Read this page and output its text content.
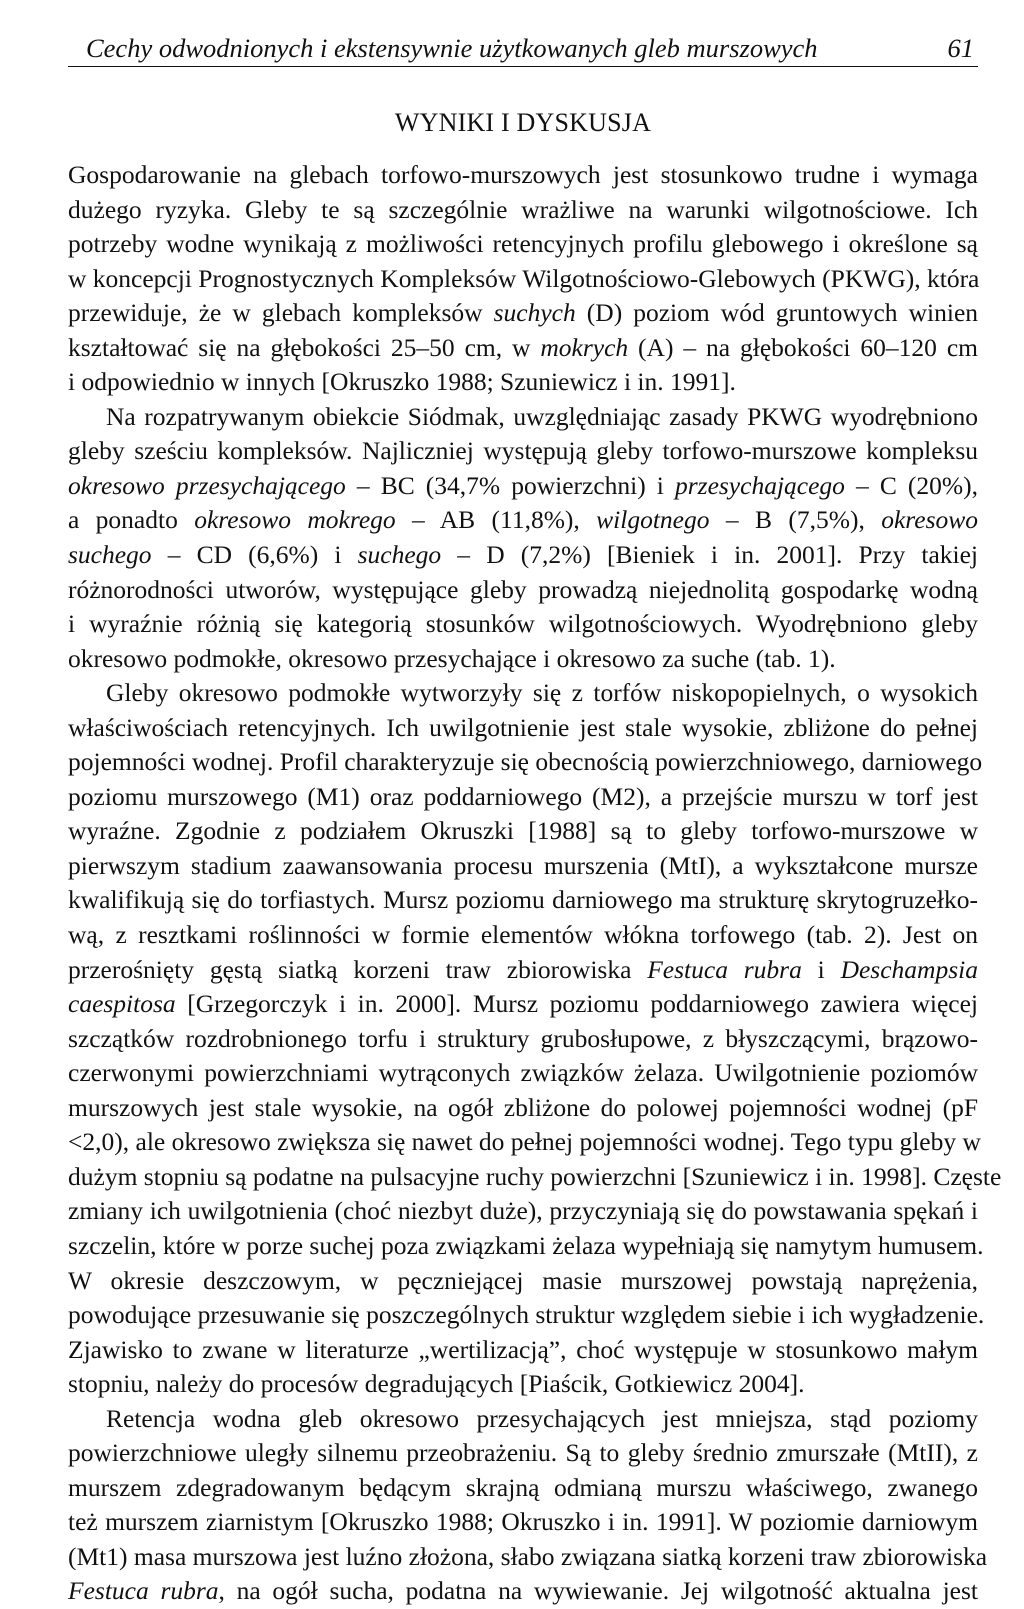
Cechy odwodnionych i ekstensywnie użytkowanych gleb murszowych	61
WYNIKI I DYSKUSJA
Gospodarowanie na glebach torfowo-murszowych jest stosunkowo trudne i wymaga
dużego ryzyka. Gleby te są szczególnie wrażliwe na warunki wilgotnościowe. Ich
potrzeby wodne wynikają z możliwości retencyjnych profilu glebowego i określone są
w koncepcji Prognostycznych Kompleksów Wilgotnościowo-Glebowych (PKWG), która
przewiduje, że w glebach kompleksów suchych (D) poziom wód gruntowych winien
kształtować się na głębokości 25–50 cm, w mokrych (A) – na głębokości 60–120 cm
i odpowiednio w innych [Okruszko 1988; Szuniewicz i in. 1991].
Na rozpatrywanym obiekcie Siódmak, uwzględniając zasady PKWG wyodrębniono
gleby sześciu kompleksów. Najliczniej występują gleby torfowo-murszowe kompleksu
okresowo przesychającego – BC (34,7% powierzchni) i przesychającego – C (20%),
a ponadto okresowo mokrego – AB (11,8%), wilgotnego – B (7,5%), okresowo
suchego – CD (6,6%) i suchego – D (7,2%) [Bieniek i in. 2001]. Przy takiej
różnorodności utworów, występujące gleby prowadzą niejednolitą gospodarkę wodną
i wyraźnie różnią się kategorią stosunków wilgotnościowych. Wyodrębniono gleby
okresowo podmokłe, okresowo przesychające i okresowo za suche (tab. 1).
Gleby okresowo podmokłe wytworzyły się z torfów niskopopielnych, o wysokich
właściwościach retencyjnych. Ich uwilgotnienie jest stale wysokie, zbliżone do pełnej
pojemności wodnej. Profil charakteryzuje się obecnością powierzchniowego, darniowego
poziomu murszowego (M1) oraz poddarniowego (M2), a przejście murszu w torf jest
wyraźne. Zgodnie z podziałem Okruszki [1988] są to gleby torfowo-murszowe w
pierwszym stadium zaawansowania procesu murszenia (MtI), a wykształcone mursze
kwalifikują się do torfiastych. Mursz poziomu darniowego ma strukturę skrytogruzełko-
wą, z resztkami roślinności w formie elementów włókna torfowego (tab. 2). Jest on
przerośnięty gęstą siatką korzeni traw zbiorowiska Festuca rubra i Deschampsia
caespitosa [Grzegorczyk i in. 2000]. Mursz poziomu poddarniowego zawiera więcej
szczątków rozdrobnionego torfu i struktury grubosłupowe, z błyszczącymi, brązowo-
czerwonymi powierzchniami wytrąconych związków żelaza. Uwilgotnienie poziomów
murszowych jest stale wysokie, na ogół zbliżone do polowej pojemności wodnej (pF
<2,0), ale okresowo zwiększa się nawet do pełnej pojemności wodnej. Tego typu gleby w
dużym stopniu są podatne na pulsacyjne ruchy powierzchni [Szuniewicz i in. 1998]. Częste
zmiany ich uwilgotnienia (choć niezbyt duże), przyczyniają się do powstawania spękań i
szczelin, które w porze suchej poza związkami żelaza wypełniają się namytym humusem.
W okresie deszczowym, w pęczniejącej masie murszowej powstają naprężenia,
powodujące przesuwanie się poszczególnych struktur względem siebie i ich wygładzenie.
Zjawisko to zwane w literaturze „wertilizacją”, choć występuje w stosunkowo małym
stopniu, należy do procesów degradujących [Piaścik, Gotkiewicz 2004].
Retencja wodna gleb okresowo przesychających jest mniejsza, stąd poziomy
powierzchniowe uległy silnemu przeobrażeniu. Są to gleby średnio zmurszałe (MtII), z
murszem zdegradowanym będącym skrajną odmianą murszu właściwego, zwanego
też murszem ziarnistym [Okruszko 1988; Okruszko i in. 1991]. W poziomie darniowym
(Mt1) masa murszowa jest luźno złożona, słabo związana siatką korzeni traw zbiorowiska
Festuca rubra, na ogół sucha, podatna na wywiewanie. Jej wilgotność aktualna jest
